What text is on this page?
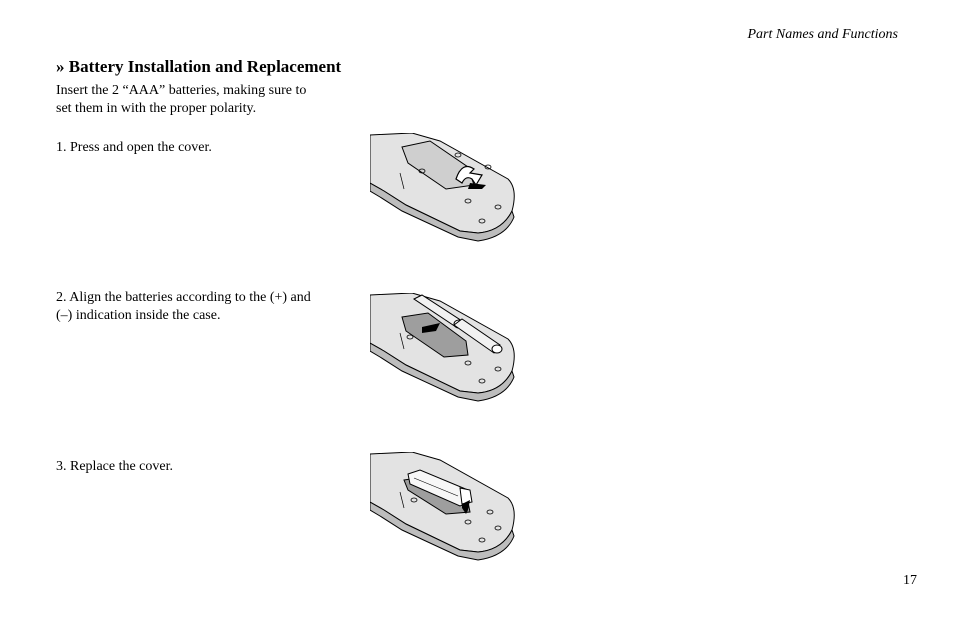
Part Names and Functions
» Battery Installation and Replacement

Insert the 2 “AAA” batteries, making sure to

set them in with the proper polarity.

1. Press and open the cover.

2. Align the batteries according to the (+) and

(–) indication inside the case.

3. Replace the cover.

17
